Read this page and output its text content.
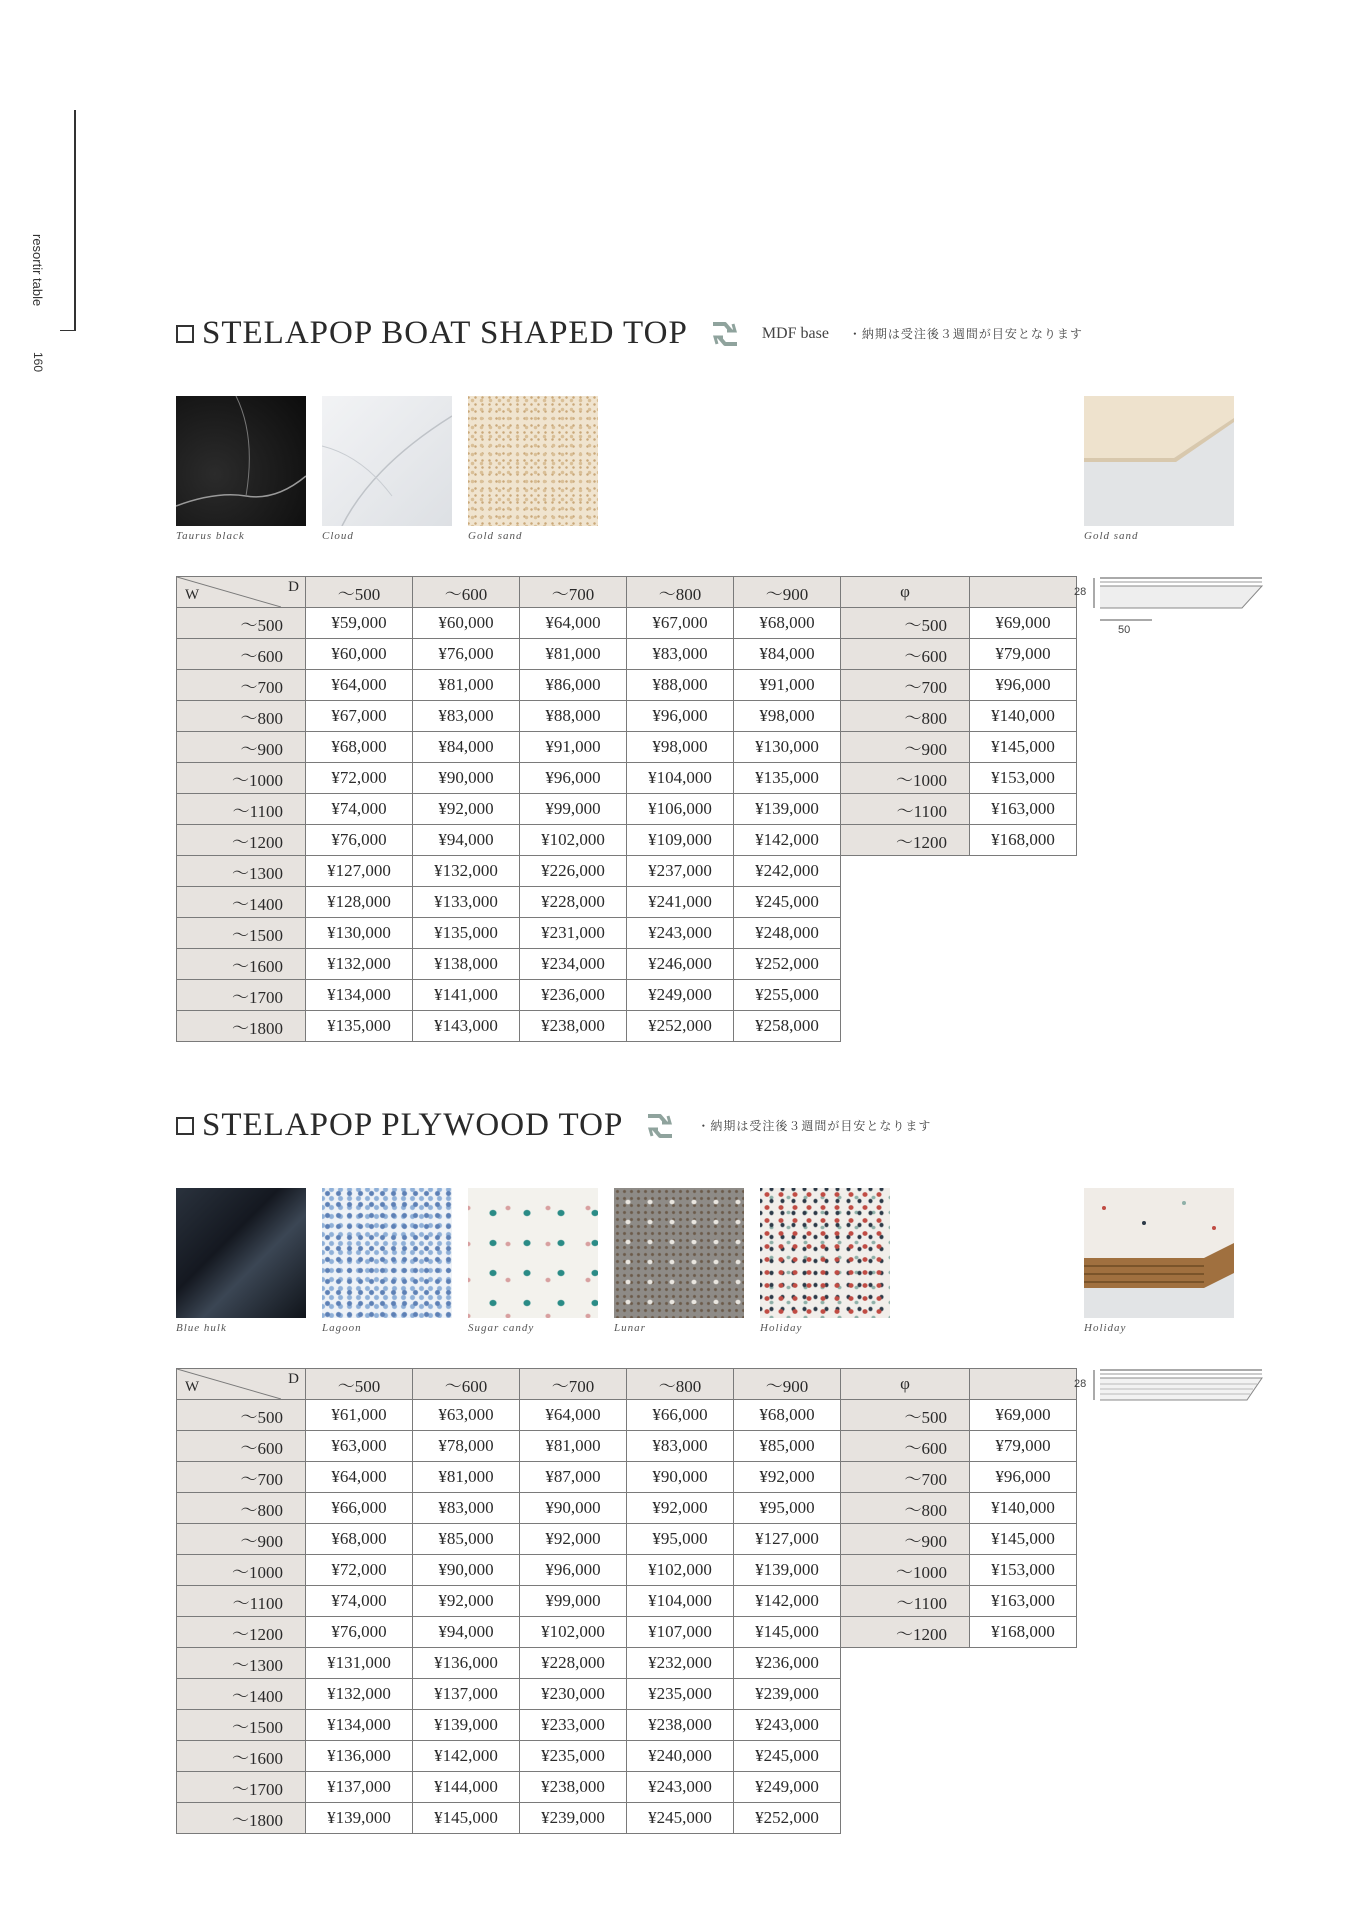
resortir table
160
STELAPOP BOAT SHAPED TOP	MDF base ・納期は受注後３週間が目安となります
Taurus black	Cloud	Gold sand	Gold sand
W D	～500	～600	～700	～800	～900
～500	¥59,000	¥60,000	¥64,000	¥67,000	¥68,000
～600	¥60,000	¥76,000	¥81,000	¥83,000	¥84,000
～700	¥64,000	¥81,000	¥86,000	¥88,000	¥91,000
～800	¥67,000	¥83,000	¥88,000	¥96,000	¥98,000
～900	¥68,000	¥84,000	¥91,000	¥98,000	¥130,000
～1000	¥72,000	¥90,000	¥96,000	¥104,000	¥135,000
～1100	¥74,000	¥92,000	¥99,000	¥106,000	¥139,000
～1200	¥76,000	¥94,000	¥102,000	¥109,000	¥142,000
～1300	¥127,000	¥132,000	¥226,000	¥237,000	¥242,000
～1400	¥128,000	¥133,000	¥228,000	¥241,000	¥245,000
～1500	¥130,000	¥135,000	¥231,000	¥243,000	¥248,000
～1600	¥132,000	¥138,000	¥234,000	¥246,000	¥252,000
～1700	¥134,000	¥141,000	¥236,000	¥249,000	¥255,000
～1800	¥135,000	¥143,000	¥238,000	¥252,000	¥258,000
φ	
～500	¥69,000
～600	¥79,000
～700	¥96,000
～800	¥140,000
～900	¥145,000
～1000	¥153,000
～1100	¥163,000
～1200	¥168,000
28
50
STELAPOP PLYWOOD TOP	・納期は受注後３週間が目安となります
Blue hulk	Lagoon	Sugar candy	Lunar	Holiday	Holiday
W D	～500	～600	～700	～800	～900
～500	¥61,000	¥63,000	¥64,000	¥66,000	¥68,000
～600	¥63,000	¥78,000	¥81,000	¥83,000	¥85,000
～700	¥64,000	¥81,000	¥87,000	¥90,000	¥92,000
～800	¥66,000	¥83,000	¥90,000	¥92,000	¥95,000
～900	¥68,000	¥85,000	¥92,000	¥95,000	¥127,000
～1000	¥72,000	¥90,000	¥96,000	¥102,000	¥139,000
～1100	¥74,000	¥92,000	¥99,000	¥104,000	¥142,000
～1200	¥76,000	¥94,000	¥102,000	¥107,000	¥145,000
～1300	¥131,000	¥136,000	¥228,000	¥232,000	¥236,000
～1400	¥132,000	¥137,000	¥230,000	¥235,000	¥239,000
～1500	¥134,000	¥139,000	¥233,000	¥238,000	¥243,000
～1600	¥136,000	¥142,000	¥235,000	¥240,000	¥245,000
～1700	¥137,000	¥144,000	¥238,000	¥243,000	¥249,000
～1800	¥139,000	¥145,000	¥239,000	¥245,000	¥252,000
φ	
～500	¥69,000
～600	¥79,000
～700	¥96,000
～800	¥140,000
～900	¥145,000
～1000	¥153,000
～1100	¥163,000
～1200	¥168,000
28
